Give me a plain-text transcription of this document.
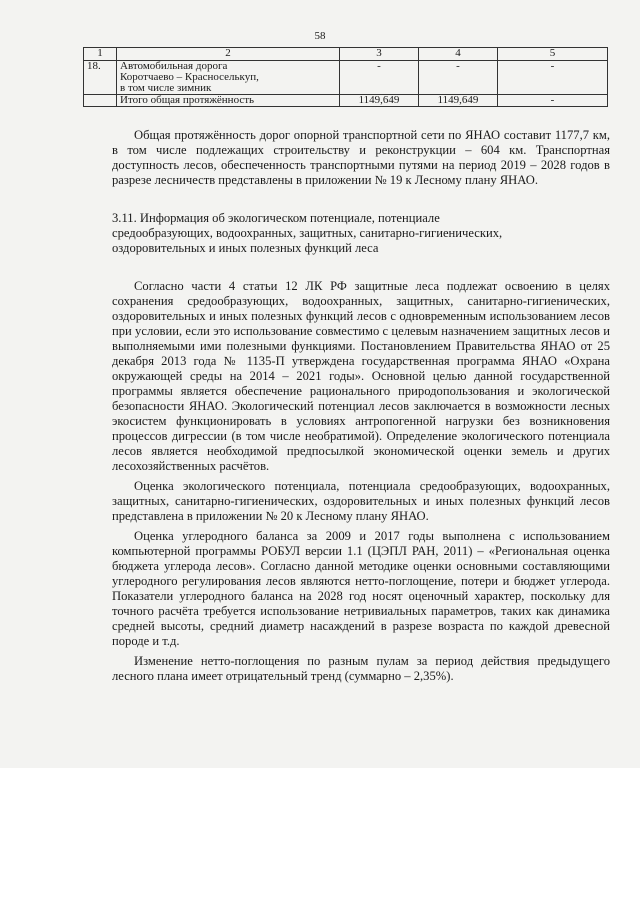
58
1	2	3	4	5
18.	Автомобильная дорога
Коротчаево – Красноселькуп,
в том числе зимник	-	-	-

	Итого общая протяжённость	1149,649	1149,649	-

Общая протяжённость дорог опорной транспортной сети по ЯНАО составит 1177,7 км, в том числе подлежащих строительству и реконструкции – 604 км. Транспортная доступность лесов, обеспеченность транспортными путями на период 2019 – 2028 годов в разрезе лесничеств представлены в приложении № 19 к Лесному плану ЯНАО.

3.11. Информация об экологическом потенциале, потенциале
средообразующих, водоохранных, защитных, санитарно-гигиенических,
оздоровительных и иных полезных функций леса

Согласно части 4 статьи 12 ЛК РФ защитные леса подлежат освоению в целях сохранения средообразующих, водоохранных, защитных, санитарно-гигиенических, оздоровительных и иных полезных функций лесов с одновременным использованием лесов при условии, если это использование совместимо с целевым назначением защитных лесов и выполняемыми ими полезными функциями. Постановлением Правительства ЯНАО от 25 декабря 2013 года № 1135-П утверждена государственная программа ЯНАО «Охрана окружающей среды на 2014 – 2021 годы». Основной целью данной государственной программы является обеспечение рационального природопользования и экологической безопасности ЯНАО. Экологический потенциал лесов заключается в возможности лесных экосистем функционировать в условиях антропогенной нагрузки без возникновения процессов дигрессии (в том числе необратимой). Определение экологического потенциала лесов является необходимой предпосылкой экономической оценки земель и других лесохозяйственных расчётов.

Оценка экологического потенциала, потенциала средообразующих, водоохранных, защитных, санитарно-гигиенических, оздоровительных и иных полезных функций лесов представлена в приложении № 20 к Лесному плану ЯНАО.

Оценка углеродного баланса за 2009 и 2017 годы выполнена с использованием компьютерной программы РОБУЛ версии 1.1 (ЦЭПЛ РАН, 2011) – «Региональная оценка бюджета углерода лесов». Согласно данной методике оценки основными составляющими углеродного регулирования лесов являются нетто-поглощение, потери и бюджет углерода. Показатели углеродного баланса на 2028 год носят оценочный характер, поскольку для точного расчёта требуется использование нетривиальных параметров, таких как динамика средней высоты, средний диаметр насаждений в разрезе возраста по каждой древесной породе и т.д.

Изменение нетто-поглощения по разным пулам за период действия предыдущего лесного плана имеет отрицательный тренд (суммарно – 2,35%).
